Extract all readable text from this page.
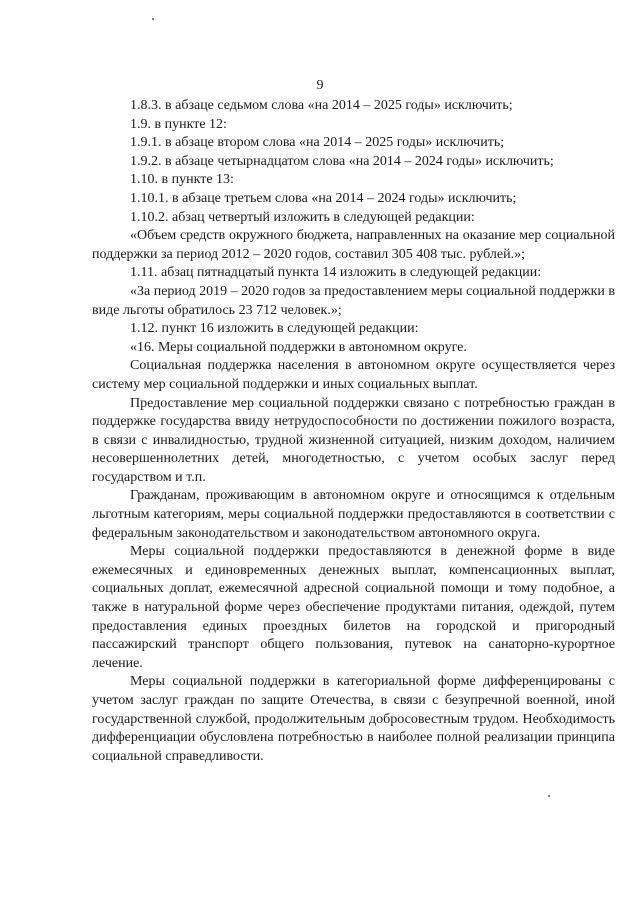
9

1.8.3. в абзаце седьмом слова «на 2014 – 2025 годы» исключить;

1.9. в пункте 12:

1.9.1. в абзаце втором слова «на 2014 – 2025 годы» исключить;

1.9.2. в абзаце четырнадцатом слова «на 2014 – 2024 годы» исключить;

1.10. в пункте 13:

1.10.1. в абзаце третьем слова «на 2014 – 2024 годы» исключить;

1.10.2. абзац четвертый изложить в следующей редакции:

«Объем средств окружного бюджета, направленных на оказание мер социальной поддержки за период 2012 – 2020 годов, составил 305 408 тыс. рублей.»;

1.11. абзац пятнадцатый пункта 14 изложить в следующей редакции:

«За период 2019 – 2020 годов за предоставлением меры социальной поддержки в виде льготы обратилось 23 712 человек.»;

1.12. пункт 16 изложить в следующей редакции:

«16. Меры социальной поддержки в автономном округе.

Социальная поддержка населения в автономном округе осуществляется через систему мер социальной поддержки и иных социальных выплат.

Предоставление мер социальной поддержки связано с потребностью граждан в поддержке государства ввиду нетрудоспособности по достижении пожилого возраста, в связи с инвалидностью, трудной жизненной ситуацией, низким доходом, наличием несовершеннолетних детей, многодетностью, с учетом особых заслуг перед государством и т.п.

Гражданам, проживающим в автономном округе и относящимся к отдельным льготным категориям, меры социальной поддержки предоставляются в соответствии с федеральным законодательством и законодательством автономного округа.

Меры социальной поддержки предоставляются в денежной форме в виде ежемесячных и единовременных денежных выплат, компенсационных выплат, социальных доплат, ежемесячной адресной социальной помощи и тому подобное, а также в натуральной форме через обеспечение продуктами питания, одеждой, путем предоставления единых проездных билетов на городской и пригородный пассажирский транспорт общего пользования, путевок на санаторно-курортное лечение.

Меры социальной поддержки в категориальной форме дифференцированы с учетом заслуг граждан по защите Отечества, в связи с безупречной военной, иной государственной службой, продолжительным добросовестным трудом. Необходимость дифференциации обусловлена потребностью в наиболее полной реализации принципа социальной справедливости.
